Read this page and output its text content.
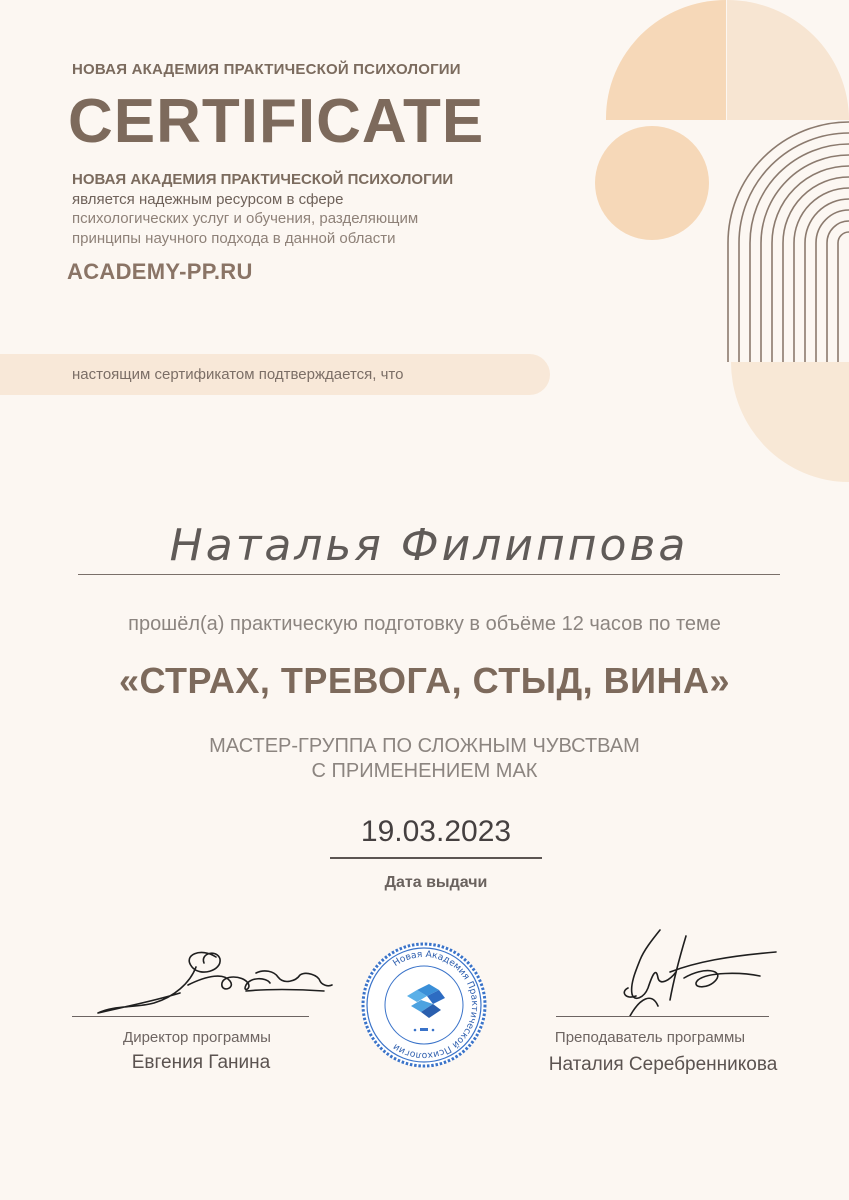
НОВАЯ АКАДЕМИЯ ПРАКТИЧЕСКОЙ ПСИХОЛОГИИ
CERTIFICATE
НОВАЯ АКАДЕМИЯ ПРАКТИЧЕСКОЙ ПСИХОЛОГИИ
является надежным ресурсом в сфере
психологических услуг и обучения, разделяющим
принципы научного подхода в данной области
ACADEMY-PP.RU
настоящим сертификатом подтверждается, что
Наталья Филиппова
прошёл(а) практическую подготовку в объёме 12 часов по теме
«СТРАХ, ТРЕВОГА, СТЫД, ВИНА»
МАСТЕР-ГРУППА ПО СЛОЖНЫМ ЧУВСТВАМ
С ПРИМЕНЕНИЕМ МАК
19.03.2023
Дата выдачи
Директор программы
Евгения Ганина
Новая Академия Практической Психологии
Преподаватель программы
Наталия Серебренникова
